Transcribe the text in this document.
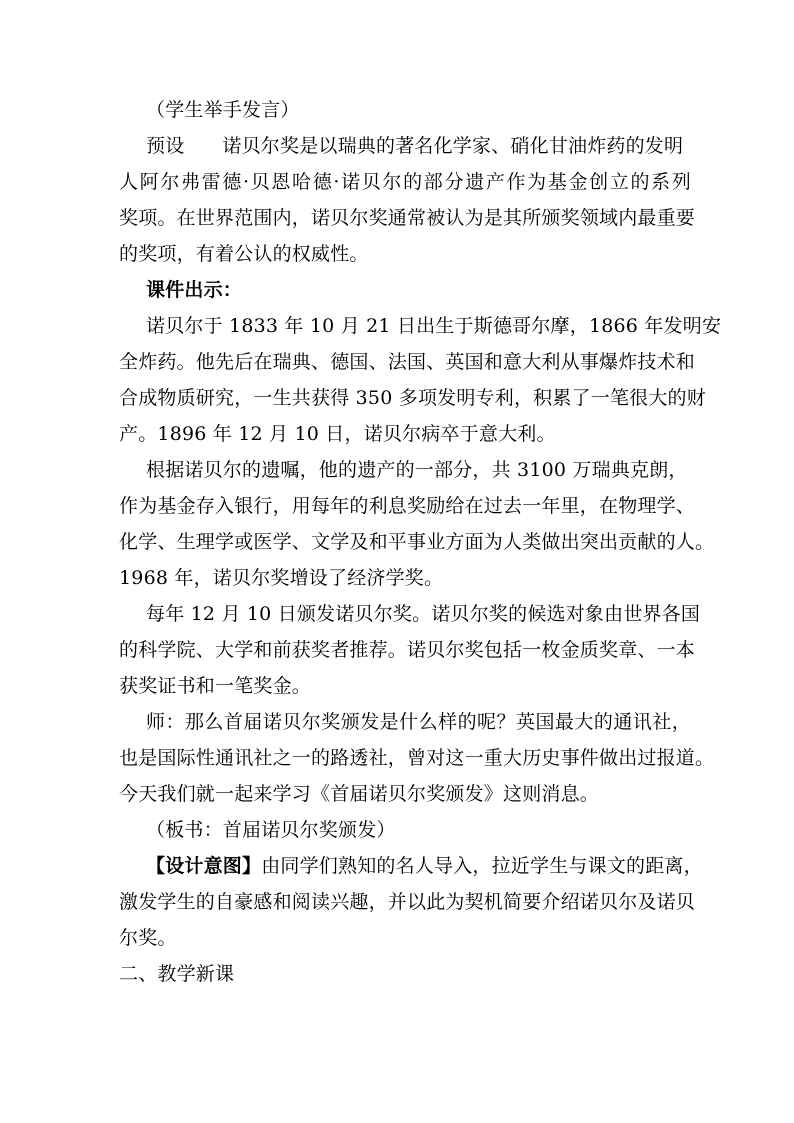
（学生举手发言）
预设 诺贝尔奖是以瑞典的著名化学家、硝化甘油炸药的发明
人阿尔弗雷德·贝恩哈德·诺贝尔的部分遗产作为基金创立的系列
奖项。在世界范围内，诺贝尔奖通常被认为是其所颁奖领域内最重要
的奖项，有着公认的权威性。
课件出示：
诺贝尔于 1833 年 10 月 21 日出生于斯德哥尔摩，1866 年发明安
全炸药。他先后在瑞典、德国、法国、英国和意大利从事爆炸技术和
合成物质研究，一生共获得 350 多项发明专利，积累了一笔很大的财
产。1896 年 12 月 10 日，诺贝尔病卒于意大利。
根据诺贝尔的遗嘱，他的遗产的一部分，共 3100 万瑞典克朗，
作为基金存入银行，用每年的利息奖励给在过去一年里，在物理学、
化学、生理学或医学、文学及和平事业方面为人类做出突出贡献的人。
1968 年，诺贝尔奖增设了经济学奖。
每年 12 月 10 日颁发诺贝尔奖。诺贝尔奖的候选对象由世界各国
的科学院、大学和前获奖者推荐。诺贝尔奖包括一枚金质奖章、一本
获奖证书和一笔奖金。
师：那么首届诺贝尔奖颁发是什么样的呢？英国最大的通讯社，
也是国际性通讯社之一的路透社，曾对这一重大历史事件做出过报道。
今天我们就一起来学习《首届诺贝尔奖颁发》这则消息。
（板书：首届诺贝尔奖颁发）
【设计意图】由同学们熟知的名人导入，拉近学生与课文的距离，
激发学生的自豪感和阅读兴趣，并以此为契机简要介绍诺贝尔及诺贝
尔奖。
二、教学新课
